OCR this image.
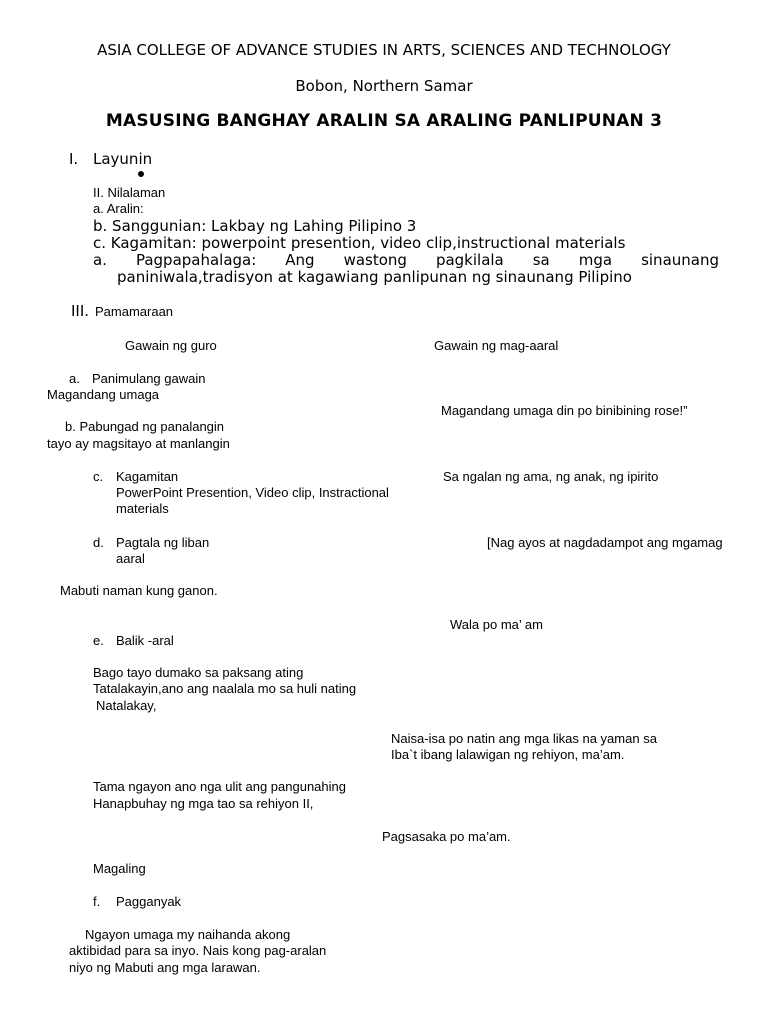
ASIA COLLEGE OF ADVANCE STUDIES IN ARTS, SCIENCES AND TECHNOLOGY
Bobon, Northern Samar
MASUSING BANGHAY ARALIN SA ARALING PANLIPUNAN 3
I. Layunin
II. Nilalaman
a. Aralin:
b. Sanggunian: Lakbay ng Lahing Pilipino 3
c. Kagamitan: powerpoint presention, video clip,instructional materials
a. Pagpapahalaga: Ang wastong pagkilala sa mga sinaunang
paniniwala,tradisyon at kagawiang panlipunan ng sinaunang Pilipino
III. Pamamaraan
Gawain ng guro	Gawain ng mag-aaral
a. Panimulang gawain
Magandang umaga
Magandang umaga din po binibining rose!”
b. Pabungad ng panalangin
tayo ay magsitayo at manlangin
c. Kagamitan	Sa ngalan ng ama, ng anak, ng ipirito
PowerPoint Presention, Video clip, Instractional
materials
d. Pagtala ng liban	[Nag ayos at nagdadampot ang mgamag
aaral
Mabuti naman kung ganon.
Wala po ma’ am
e. Balik -aral
Bago tayo dumako sa paksang ating
Tatalakayin,ano ang naalala mo sa huli nating
Natalakay,
Naisa-isa po natin ang mga likas na yaman sa
Iba`t ibang lalawigan ng rehiyon, ma’am.
Tama ngayon ano nga ulit ang pangunahing
Hanapbuhay ng mga tao sa rehiyon II,
Pagsasaka po ma’am.
Magaling
f. Pagganyak
Ngayon umaga my naihanda akong
aktibidad para sa inyo. Nais kong pag-aralan
niyo ng Mabuti ang mga larawan.
